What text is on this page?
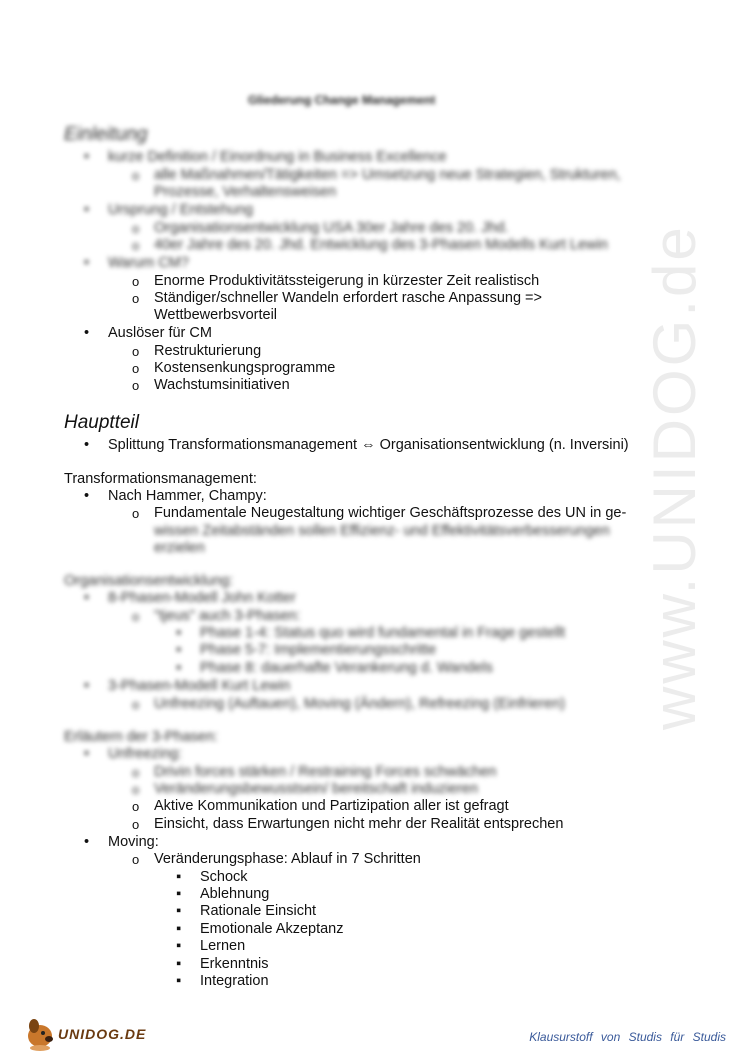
www.UNIDOG.de
Gliederung Change Management
Einleitung
• kurze Definition / Einordnung in Business Excellence
o alle Maßnahmen/Tätigkeiten => Umsetzung neue Strategien, Strukturen,
Prozesse, Verhaltensweisen
• Ursprung / Entstehung
o Organisationsentwicklung USA 30er Jahre des 20. Jhd.
o 40er Jahre des 20. Jhd. Entwicklung des 3-Phasen Modells Kurt Lewin
• Warum CM?
o Enorme Produktivitätssteigerung in kürzester Zeit realistisch
o Ständiger/schneller Wandeln erfordert rasche Anpassung =>
Wettbewerbsvorteil
• Auslöser für CM
o Restrukturierung
o Kostensenkungsprogramme
o Wachstumsinitiativen
Hauptteil
• Splittung Transformationsmanagement ⇔ Organisationsentwicklung (n. Inversini)
Transformationsmanagement:
• Nach Hammer, Champy:
o Fundamentale Neugestaltung wichtiger Geschäftsprozesse des UN in ge-
wissen Zeitabständen sollen Effizienz- und Effektivitätsverbesserungen
erzielen
Organisationsentwicklung:
• 8-Phasen-Modell John Kotter
o "tjeus" auch 3-Phasen:
▪ Phase 1-4: Status quo wird fundamental in Frage gestellt
▪ Phase 5-7: Implementierungsschritte
▪ Phase 8: dauerhafte Verankerung d. Wandels
• 3-Phasen-Modell Kurt Lewin
o Unfreezing (Auftauen), Moving (Ändern), Refreezing (Einfrieren)
Erläutern der 3-Phasen:
• Unfreezing:
o Drivin forces stärken / Restraining Forces schwächen
o Veränderungsbewusstsein/ bereitschaft induzieren
o Aktive Kommunikation und Partizipation aller ist gefragt
o Einsicht, dass Erwartungen nicht mehr der Realität entsprechen
• Moving:
o Veränderungsphase: Ablauf in 7 Schritten
▪ Schock
▪ Ablehnung
▪ Rationale Einsicht
▪ Emotionale Akzeptanz
▪ Lernen
▪ Erkenntnis
▪ Integration
UNIDOG.DE	Klausurstoff von Studis für Studis
